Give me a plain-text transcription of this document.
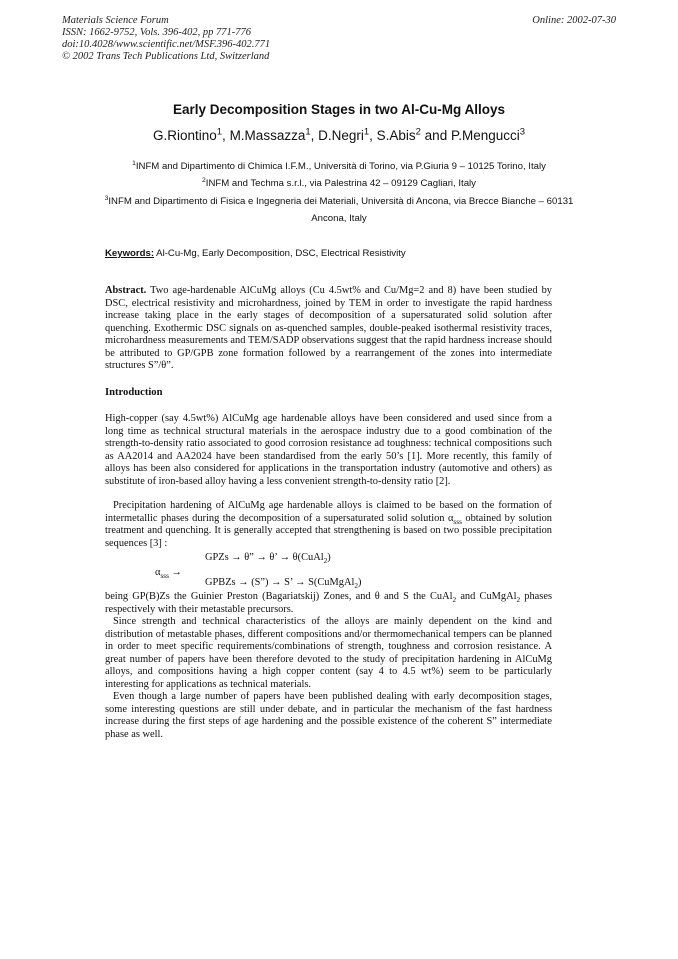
Materials Science Forum
ISSN: 1662-9752, Vols. 396-402, pp 771-776
doi:10.4028/www.scientific.net/MSF.396-402.771
© 2002 Trans Tech Publications Ltd, Switzerland
Online: 2002-07-30
Early Decomposition Stages in two Al-Cu-Mg Alloys
G.Riontino$^1$, M.Massazza$^1$, D.Negri$^1$, S.Abis$^2$ and P.Mengucci$^3$
$^1$INFM and Dipartimento di Chimica I.F.M., Università di Torino, via P.Giuria 9 – 10125 Torino, Italy
$^2$INFM and Techma s.r.l., via Palestrina 42 – 09129 Cagliari, Italy
$^3$INFM and Dipartimento di Fisica e Ingegneria dei Materiali, Università di Ancona, via Brecce Bianche – 60131 Ancona, Italy
Keywords: Al-Cu-Mg, Early Decomposition, DSC, Electrical Resistivity
Abstract. Two age-hardenable AlCuMg alloys (Cu 4.5wt% and Cu/Mg=2 and 8) have been studied by DSC, electrical resistivity and microhardness, joined by TEM in order to investigate the rapid hardness increase taking place in the early stages of decomposition of a supersaturated solid solution after quenching. Exothermic DSC signals on as-quenched samples, double-peaked isothermal resistivity traces, microhardness measurements and TEM/SADP observations suggest that the rapid hardness increase should be attributed to GP/GPB zone formation followed by a rearrangement of the zones into intermediate structures S”/θ”.
Introduction
High-copper (say 4.5wt%) AlCuMg age hardenable alloys have been considered and used since from a long time as technical structural materials in the aerospace industry due to a good combination of the strength-to-density ratio associated to good corrosion resistance ad toughness: technical compositions such as AA2014 and AA2024 have been standardised from the early 50’s [1]. More recently, this family of alloys has been also considered for applications in the transportation industry (automotive and others) as substitute of iron-based alloy having a less convenient strength-to-density ratio [2].
Precipitation hardening of AlCuMg age hardenable alloys is claimed to be based on the formation of intermetallic phases during the decomposition of a supersaturated solid solution $\alpha_{sss}$ obtained by solution treatment and quenching. It is generally accepted that strengthening is based on two possible precipitation sequences [3] :
GPZs → θ” → θ’ → θ(CuAl$_2$)
$\alpha_{sss}$ →
GPBZs → (S”) → S’ → S(CuMgAl$_2$)
being GP(B)Zs the Guinier Preston (Bagariatskij) Zones, and θ and S the CuAl$_2$ and CuMgAl$_2$ phases respectively with their metastable precursors.
Since strength and technical characteristics of the alloys are mainly dependent on the kind and distribution of metastable phases, different compositions and/or thermomechanical tempers can be planned in order to meet specific requirements/combinations of strength, toughness and corrosion resistance. A great number of papers have been therefore devoted to the study of precipitation hardening in AlCuMg alloys, and compositions having a high copper content (say 4 to 4.5 wt%) seem to be particularly interesting for applications as technical materials.
Even though a large number of papers have been published dealing with early decomposition stages, some interesting questions are still under debate, and in particular the mechanism of the fast hardness increase during the first steps of age hardening and the possible existence of the coherent S” intermediate phase as well.
